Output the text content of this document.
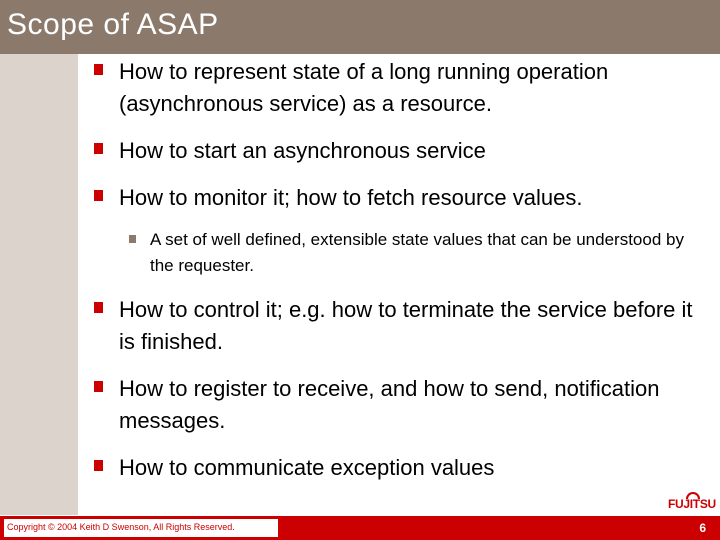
Scope of ASAP
How to represent state of a long running operation (asynchronous service) as a resource.
How to start an asynchronous service
How to monitor it; how to fetch resource values.
A set of well defined, extensible state values that can be understood by the requester.
How to control it; e.g. how to terminate the service before it is finished.
How to register to receive, and how to send, notification messages.
How to communicate exception values
FUJITSU
Copyright © 2004 Keith D Swenson, All Rights Reserved.	6
